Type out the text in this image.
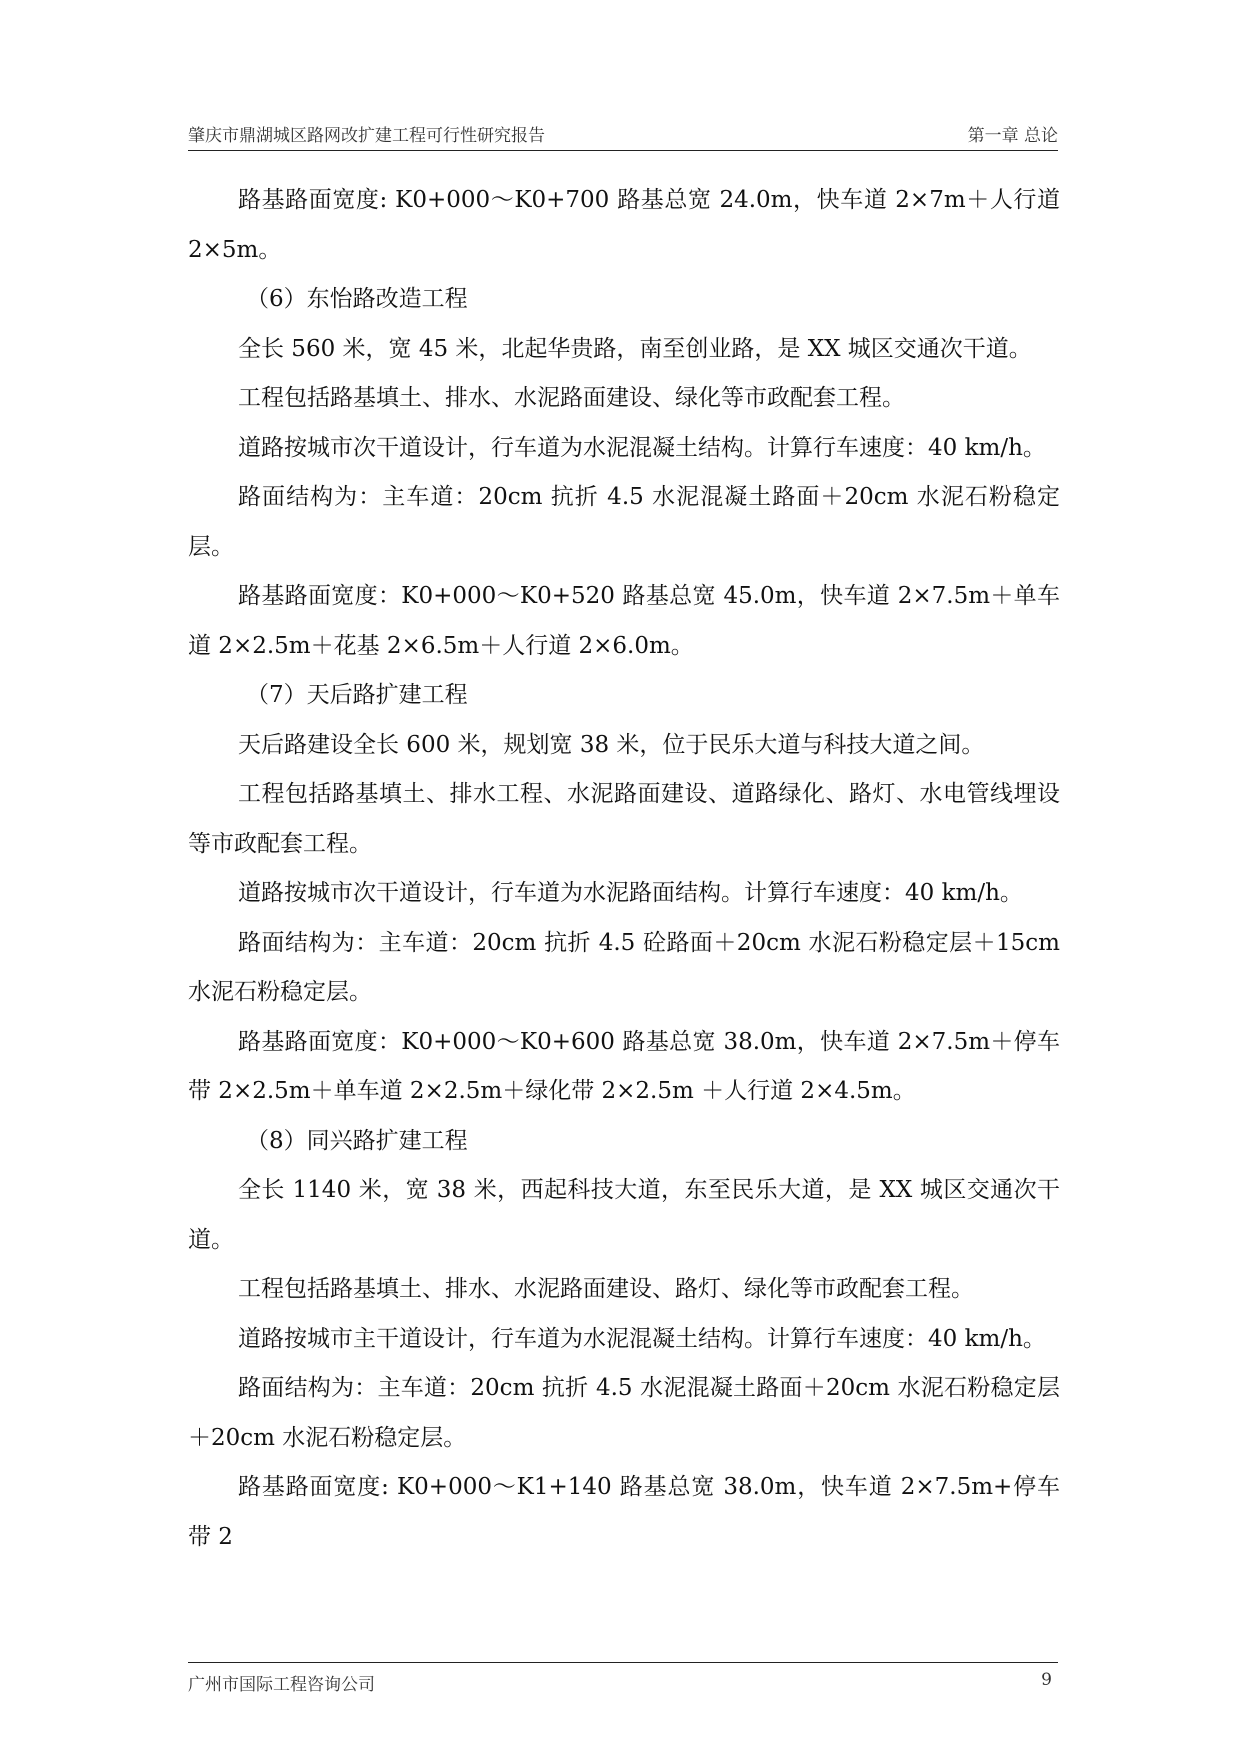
肇庆市鼎湖城区路网改扩建工程可行性研究报告	第一章 总论

路基路面宽度: K0+000～K0+700 路基总宽 24.0m，快车道 2×7m＋人行道 2×5m。

（6）东怡路改造工程

全长 560 米，宽 45 米，北起华贵路，南至创业路，是 XX 城区交通次干道。

工程包括路基填土、排水、水泥路面建设、绿化等市政配套工程。

道路按城市次干道设计，行车道为水泥混凝土结构。计算行车速度：40 km/h。

路面结构为：主车道：20cm 抗折 4.5 水泥混凝土路面＋20cm 水泥石粉稳定层。

路基路面宽度：K0+000～K0+520 路基总宽 45.0m，快车道 2×7.5m＋单车道 2×2.5m＋花基 2×6.5m＋人行道 2×6.0m。

（7）天后路扩建工程

天后路建设全长 600 米，规划宽 38 米，位于民乐大道与科技大道之间。

工程包括路基填土、排水工程、水泥路面建设、道路绿化、路灯、水电管线埋设等市政配套工程。

道路按城市次干道设计，行车道为水泥路面结构。计算行车速度：40 km/h。

路面结构为：主车道：20cm 抗折 4.5 砼路面＋20cm 水泥石粉稳定层＋15cm 水泥石粉稳定层。

路基路面宽度：K0+000～K0+600 路基总宽 38.0m，快车道 2×7.5m＋停车带 2×2.5m＋单车道 2×2.5m＋绿化带 2×2.5m ＋人行道 2×4.5m。

（8）同兴路扩建工程

全长 1140 米，宽 38 米，西起科技大道，东至民乐大道，是 XX 城区交通次干道。

工程包括路基填土、排水、水泥路面建设、路灯、绿化等市政配套工程。

道路按城市主干道设计，行车道为水泥混凝土结构。计算行车速度：40 km/h。

路面结构为：主车道：20cm 抗折 4.5 水泥混凝土路面＋20cm 水泥石粉稳定层＋20cm 水泥石粉稳定层。

路基路面宽度: K0+000～K1+140 路基总宽 38.0m，快车道 2×7.5m+停车带 2

广州市国际工程咨询公司	9
